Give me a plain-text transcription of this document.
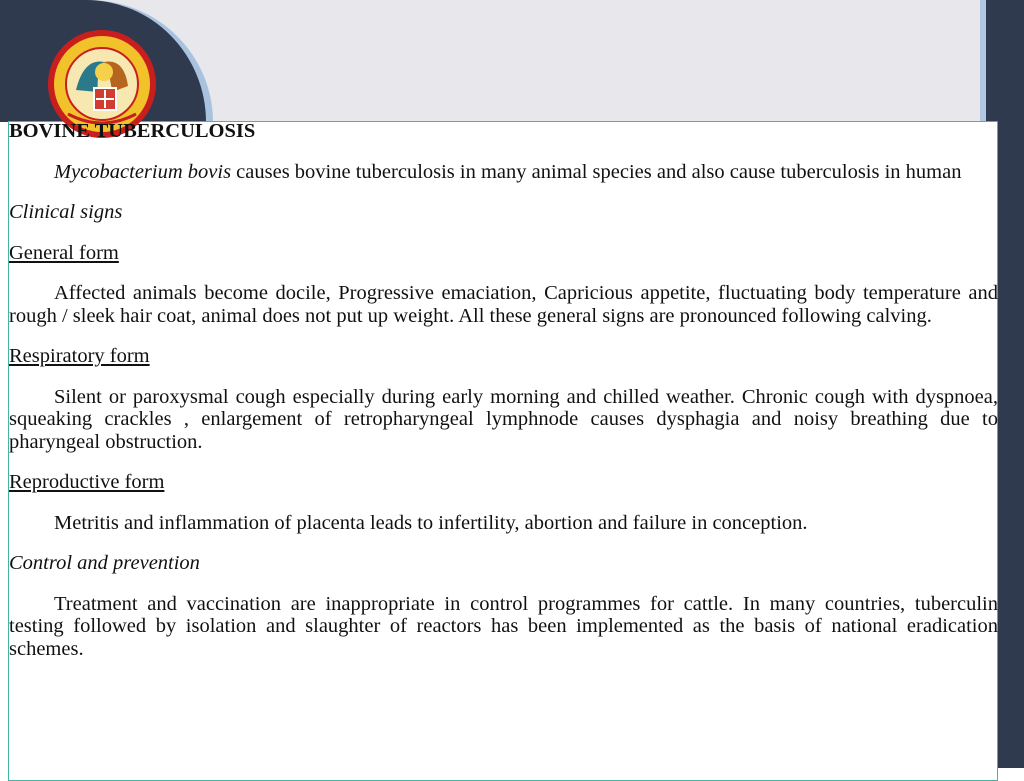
BOVINE TUBERCULOSIS

Mycobacterium bovis causes bovine tuberculosis in many animal species and also cause tuberculosis in human

Clinical signs

General form

Affected animals become docile, Progressive emaciation, Capricious appetite, fluctuating body temperature and rough / sleek hair coat, animal does not put up weight. All these general signs are pronounced following calving.

Respiratory form

Silent or paroxysmal cough especially during early morning and chilled weather. Chronic cough with dyspnoea, squeaking crackles , enlargement of retropharyngeal lymphnode causes dysphagia and noisy breathing due to pharyngeal obstruction.

Reproductive form

Metritis and inflammation of placenta leads to infertility, abortion and failure in conception.

Control and prevention

Treatment and vaccination are inappropriate in control programmes for cattle. In many countries, tuberculin testing followed by isolation and slaughter of reactors has been implemented as the basis of national eradication schemes.
